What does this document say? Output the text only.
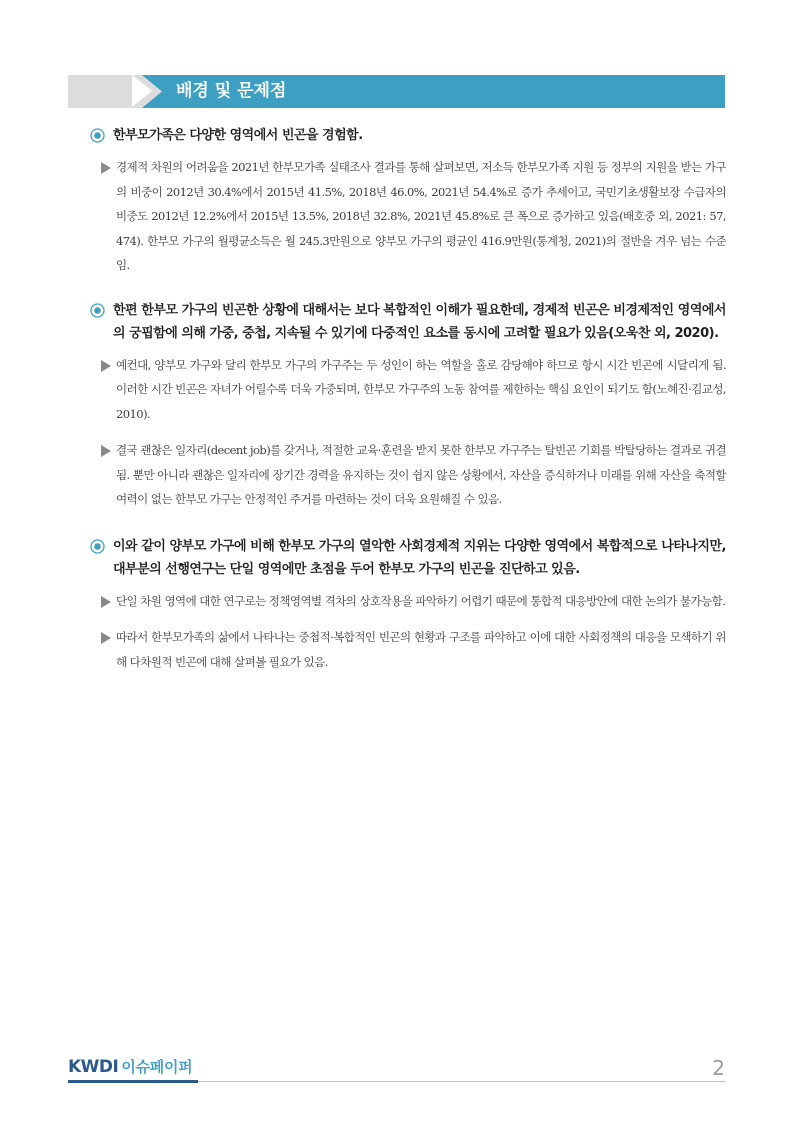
배경 및 문제점
한부모가족은 다양한 영역에서 빈곤을 경험함.
경제적 차원의 어려움을 2021년 한부모가족 실태조사 결과를 통해 살펴보면, 저소득 한부모가족 지원 등 정부의 지원을 받는 가구의 비중이 2012년 30.4%에서 2015년 41.5%, 2018년 46.0%, 2021년 54.4%로 증가 추세이고, 국민기초생활보장 수급자의 비중도 2012년 12.2%에서 2015년 13.5%, 2018년 32.8%, 2021년 45.8%로 큰 폭으로 증가하고 있음(배호중 외, 2021: 57, 474). 한부모 가구의 월평균소득은 월 245.3만원으로 양부모 가구의 평균인 416.9만원(통계청, 2021)의 절반을 겨우 넘는 수준임.
한편 한부모 가구의 빈곤한 상황에 대해서는 보다 복합적인 이해가 필요한데, 경제적 빈곤은 비경제적인 영역에서의 궁핍함에 의해 가중, 중첩, 지속될 수 있기에 다중적인 요소를 동시에 고려할 필요가 있음(오욱찬 외, 2020).
예컨대, 양부모 가구와 달리 한부모 가구의 가구주는 두 성인이 하는 역할을 홀로 감당해야 하므로 항시 시간 빈곤에 시달리게 됨. 이러한 시간 빈곤은 자녀가 어릴수록 더욱 가중되며, 한부모 가구주의 노동 참여를 제한하는 핵심 요인이 되기도 함(노혜진·김교성, 2010).
결국 괜찮은 일자리(decent job)를 갖거나, 적절한 교육·훈련을 받지 못한 한부모 가구주는 탈빈곤 기회를 박탈당하는 결과로 귀결됨. 뿐만 아니라 괜찮은 일자리에 장기간 경력을 유지하는 것이 쉽지 않은 상황에서, 자산을 증식하거나 미래를 위해 자산을 축적할 여력이 없는 한부모 가구는 안정적인 주거를 마련하는 것이 더욱 요원해질 수 있음.
이와 같이 양부모 가구에 비해 한부모 가구의 열악한 사회경제적 지위는 다양한 영역에서 복합적으로 나타나지만, 대부분의 선행연구는 단일 영역에만 초점을 두어 한부모 가구의 빈곤을 진단하고 있음.
단일 차원 영역에 대한 연구로는 정책영역별 격차의 상호작용을 파악하기 어렵기 때문에 통합적 대응방안에 대한 논의가 불가능함.
따라서 한부모가족의 삶에서 나타나는 중첩적·복합적인 빈곤의 현황과 구조를 파악하고 이에 대한 사회정책의 대응을 모색하기 위해 다차원적 빈곤에 대해 살펴볼 필요가 있음.
KWDI 이슈페이퍼	2
